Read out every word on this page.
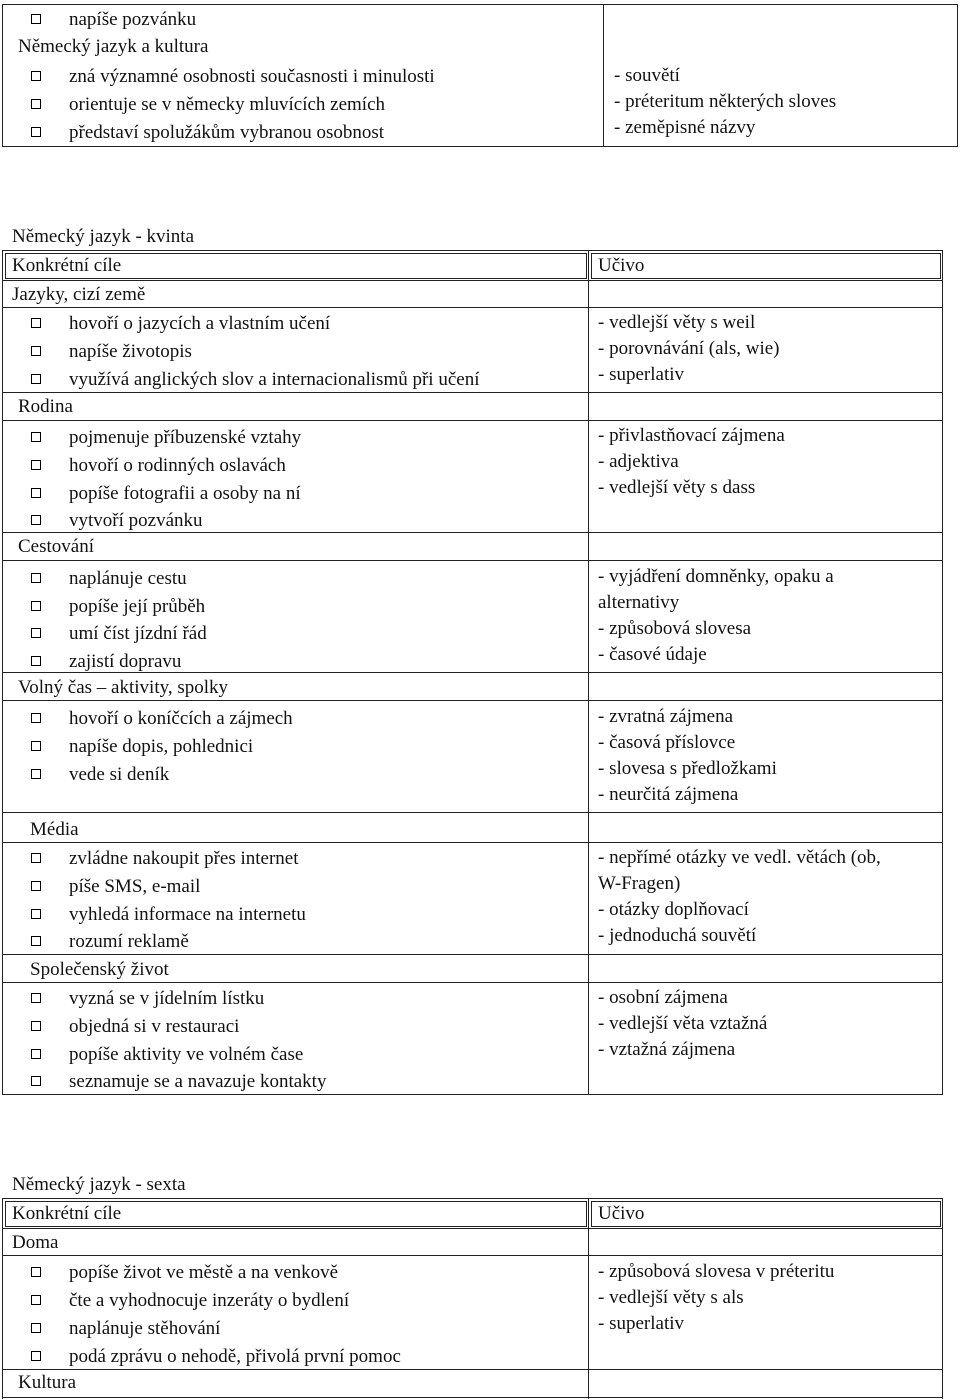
napíše pozvánku
Německý jazyk a kultura
zná významné osobnosti současnosti i minulosti
orientuje se v německy mluvících zemích
představí spolužákům vybranou osobnost
- souvětí
- préteritum některých sloves
- zeměpisné názvy
Německý jazyk - kvinta
Konkrétní cíle	Učivo
Jazyky, cizí země
hovoří o jazycích a vlastním učení
napíše životopis
využívá anglických slov a internacionalismů při učení
- vedlejší věty s weil
- porovnávání (als, wie)
- superlativ
Rodina
pojmenuje příbuzenské vztahy
hovoří o rodinných oslavách
popíše fotografii a osoby na ní
vytvoří pozvánku
- přivlastňovací zájmena
- adjektiva
- vedlejší věty s dass
Cestování
naplánuje cestu
popíše její průběh
umí číst jízdní řád
zajistí dopravu
- vyjádření domněnky, opaku a
alternativy
- způsobová slovesa
- časové údaje
Volný čas – aktivity, spolky
hovoří o koníčcích a zájmech
napíše dopis, pohlednici
vede si deník
- zvratná zájmena
- časová příslovce
- slovesa s předložkami
- neurčitá zájmena
Média
zvládne nakoupit přes internet
píše SMS, e-mail
vyhledá informace na internetu
rozumí reklamě
- nepřímé otázky ve vedl. větách (ob,
W-Fragen)
- otázky doplňovací
- jednoduchá souvětí
Společenský život
vyzná se v jídelním lístku
objedná si v restauraci
popíše aktivity ve volném čase
seznamuje se a navazuje kontakty
- osobní zájmena
- vedlejší věta vztažná
- vztažná zájmena
Německý jazyk - sexta
Konkrétní cíle	Učivo
Doma
popíše život ve městě a na venkově
čte a vyhodnocuje inzeráty o bydlení
naplánuje stěhování
podá zprávu o nehodě, přivolá první pomoc
- způsobová slovesa v préteritu
- vedlejší věty s als
- superlativ
Kultura
